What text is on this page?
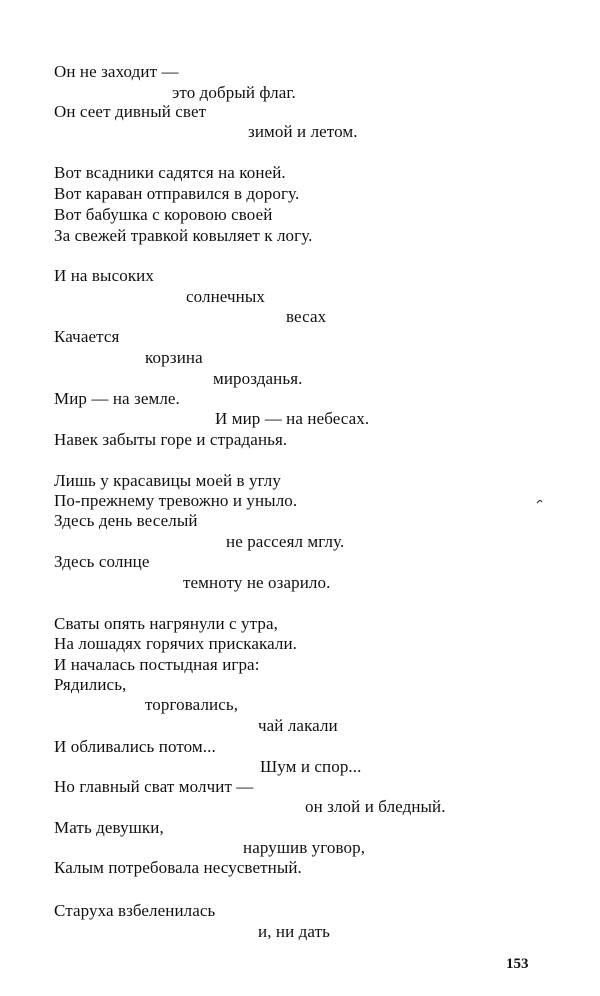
Он не заходит —
это добрый флаг.
Он сеет дивный свет
зимой и летом.
Вот всадники садятся на коней.
Вот караван отправился в дорогу.
Вот бабушка с коровою своей
За свежей травкой ковыляет к логу.
И на высоких
солнечных
весах
Качается
корзина
мирозданья.
Мир — на земле.
И мир — на небесах.
Навек забыты горе и страданья.
Лишь у красавицы моей в углу
По-прежнему тревожно и уныло.
Здесь день веселый
не рассеял мглу.
Здесь солнце
темноту не озарило.
Сваты опять нагрянули с утра,
На лошадях горячих прискакали.
И началась постыдная игра:
Рядились,
торговались,
чай лакали
И обливались потом...
Шум и спор...
Но главный сват молчит —
он злой и бледный.
Мать девушки,
нарушив уговор,
Калым потребовала несусветный.
Старуха взбеленилась
и, ни дать
153
